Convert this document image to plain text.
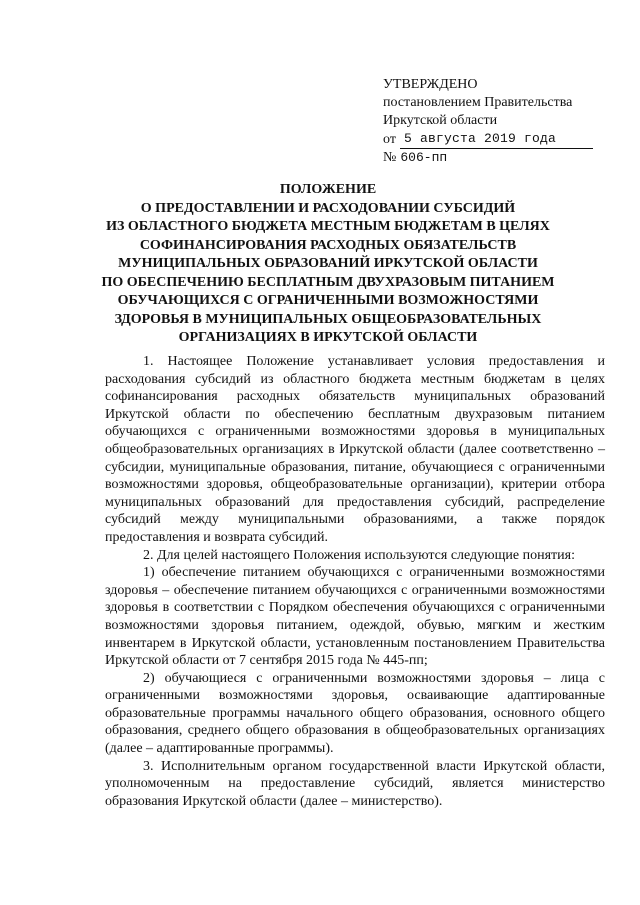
УТВЕРЖДЕНО
постановлением Правительства
Иркутской области
от 5 августа 2019 года
№ 606-пп
ПОЛОЖЕНИЕ
О ПРЕДОСТАВЛЕНИИ И РАСХОДОВАНИИ СУБСИДИЙ
ИЗ ОБЛАСТНОГО БЮДЖЕТА МЕСТНЫМ БЮДЖЕТАМ В ЦЕЛЯХ
СОФИНАНСИРОВАНИЯ РАСХОДНЫХ ОБЯЗАТЕЛЬСТВ
МУНИЦИПАЛЬНЫХ ОБРАЗОВАНИЙ ИРКУТСКОЙ ОБЛАСТИ
ПО ОБЕСПЕЧЕНИЮ БЕСПЛАТНЫМ ДВУХРАЗОВЫМ ПИТАНИЕМ
ОБУЧАЮЩИХСЯ С ОГРАНИЧЕННЫМИ ВОЗМОЖНОСТЯМИ
ЗДОРОВЬЯ В МУНИЦИПАЛЬНЫХ ОБЩЕОБРАЗОВАТЕЛЬНЫХ
ОРГАНИЗАЦИЯХ В ИРКУТСКОЙ ОБЛАСТИ

1. Настоящее Положение устанавливает условия предоставления и расходования субсидий из областного бюджета местным бюджетам в целях софинансирования расходных обязательств муниципальных образований Иркутской области по обеспечению бесплатным двухразовым питанием обучающихся с ограниченными возможностями здоровья в муниципальных общеобразовательных организациях в Иркутской области (далее соответственно – субсидии, муниципальные образования, питание, обучающиеся с ограниченными возможностями здоровья, общеобразовательные организации), критерии отбора муниципальных образований для предоставления субсидий, распределение субсидий между муниципальными образованиями, а также порядок предоставления и возврата субсидий.

2. Для целей настоящего Положения используются следующие понятия:

1) обеспечение питанием обучающихся с ограниченными возможностями здоровья – обеспечение питанием обучающихся с ограниченными возможностями здоровья в соответствии с Порядком обеспечения обучающихся с ограниченными возможностями здоровья питанием, одеждой, обувью, мягким и жестким инвентарем в Иркутской области, установленным постановлением Правительства Иркутской области от 7 сентября 2015 года № 445-пп;

2) обучающиеся с ограниченными возможностями здоровья – лица с ограниченными возможностями здоровья, осваивающие адаптированные образовательные программы начального общего образования, основного общего образования, среднего общего образования в общеобразовательных организациях (далее – адаптированные программы).

3. Исполнительным органом государственной власти Иркутской области, уполномоченным на предоставление субсидий, является министерство образования Иркутской области (далее – министерство).
